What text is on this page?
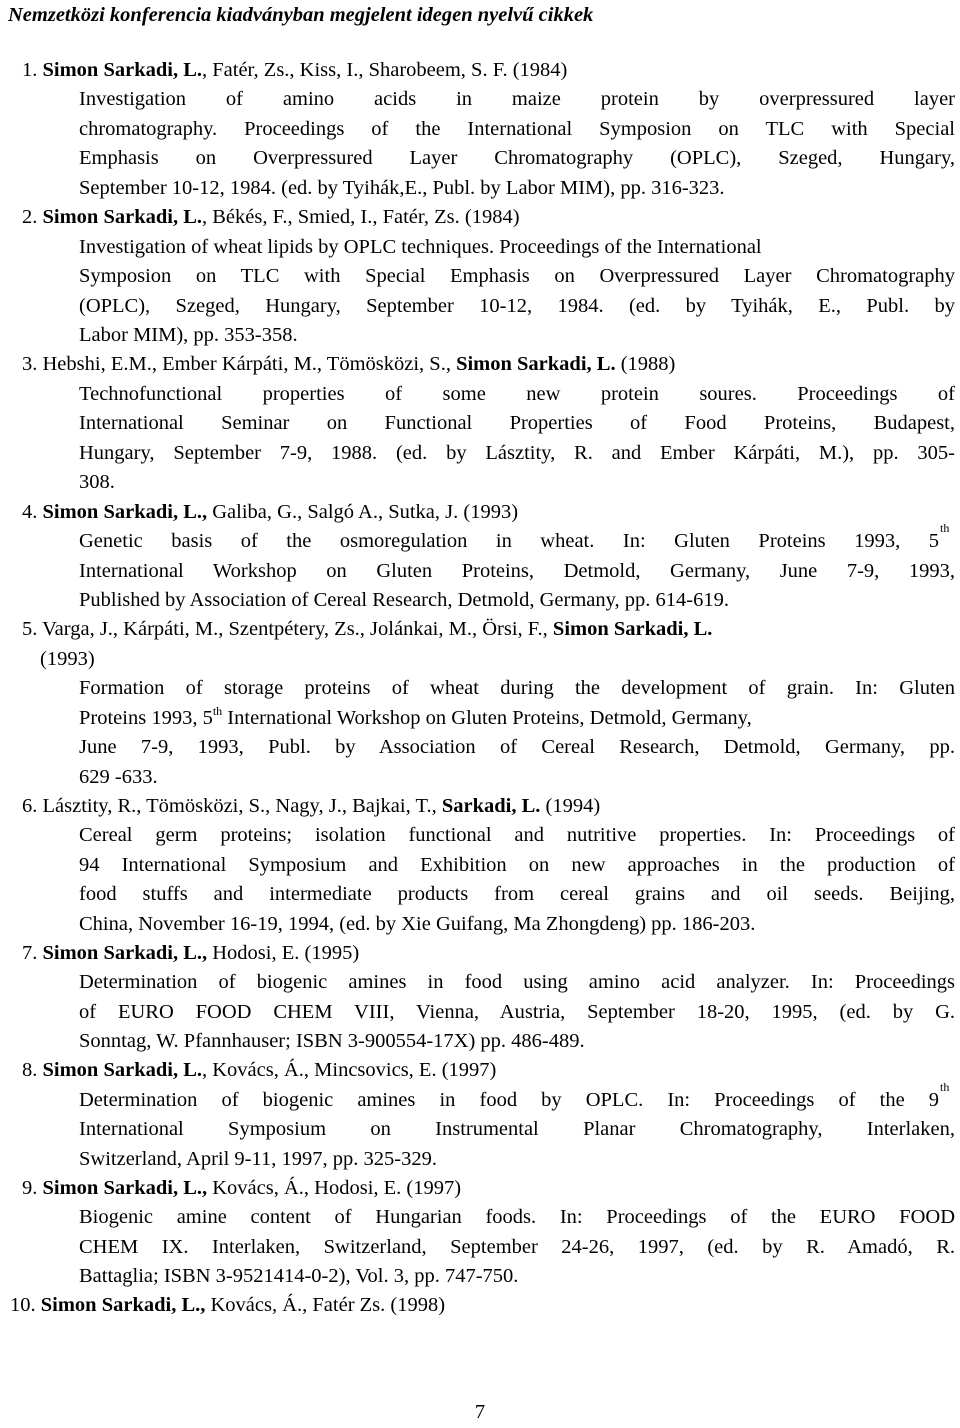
Nemzetközi konferencia kiadványban megjelent idegen nyelvű cikkek
1. Simon Sarkadi, L., Fatér, Zs., Kiss, I., Sharobeem, S. F. (1984)
Investigation of amino acids in maize protein by overpressured layer
chromatography. Proceedings of the International Symposion on TLC with Special
Emphasis on Overpressured Layer Chromatography (OPLC), Szeged, Hungary,
September 10-12, 1984. (ed. by Tyihák,E., Publ. by Labor MIM), pp. 316-323.
2. Simon Sarkadi, L., Békés, F., Smied, I., Fatér, Zs. (1984)
Investigation of wheat lipids by OPLC techniques. Proceedings of the International
Symposion on TLC with Special Emphasis on Overpressured Layer Chromatography
(OPLC), Szeged, Hungary, September 10-12, 1984. (ed. by Tyihák, E., Publ. by
Labor MIM), pp. 353-358.
3. Hebshi, E.M., Ember Kárpáti, M., Tömösközi, S., Simon Sarkadi, L. (1988)
Technofunctional properties of some new protein soures. Proceedings of
International Seminar on Functional Properties of Food Proteins, Budapest,
Hungary, September 7-9, 1988. (ed. by Lásztity, R. and Ember Kárpáti, M.), pp. 305-
308.
4. Simon Sarkadi, L., Galiba, G., Salgó A., Sutka, J. (1993)
Genetic basis of the osmoregulation in wheat. In: Gluten Proteins 1993, 5
th
International Workshop on Gluten Proteins, Detmold, Germany, June 7-9, 1993,
Published by Association of Cereal Research, Detmold, Germany, pp. 614-619.
5. Varga, J., Kárpáti, M., Szentpétery, Zs., Jolánkai, M., Örsi, F., Simon Sarkadi, L.
(1993)
Formation of storage proteins of wheat during the development of grain. In: Gluten
Proteins 1993, 5th International Workshop on Gluten Proteins, Detmold, Germany,
June 7-9, 1993, Publ. by Association of Cereal Research, Detmold, Germany, pp.
629 -633.
6. Lásztity, R., Tömösközi, S., Nagy, J., Bajkai, T., Sarkadi, L. (1994)
Cereal germ proteins; isolation functional and nutritive properties. In: Proceedings of
94 International Symposium and Exhibition on new approaches in the production of
food stuffs and intermediate products from cereal grains and oil seeds. Beijing,
China, November 16-19, 1994, (ed. by Xie Guifang, Ma Zhongdeng) pp. 186-203.
7. Simon Sarkadi, L., Hodosi, E. (1995)
Determination of biogenic amines in food using amino acid analyzer. In: Proceedings
of EURO FOOD CHEM VIII, Vienna, Austria, September 18-20, 1995, (ed. by G.
Sonntag, W. Pfannhauser; ISBN 3-900554-17X) pp. 486-489.
8. Simon Sarkadi, L., Kovács, Á., Mincsovics, E. (1997)
Determination of biogenic amines in food by OPLC. In: Proceedings of the 9
th
International Symposium on Instrumental Planar Chromatography, Interlaken,
Switzerland, April 9-11, 1997, pp. 325-329.
9. Simon Sarkadi, L., Kovács, Á., Hodosi, E. (1997)
Biogenic amine content of Hungarian foods. In: Proceedings of the EURO FOOD
CHEM IX. Interlaken, Switzerland, September 24-26, 1997, (ed. by R. Amadó, R.
Battaglia; ISBN 3-9521414-0-2), Vol. 3, pp. 747-750.
10. Simon Sarkadi, L., Kovács, Á., Fatér Zs. (1998)
7
